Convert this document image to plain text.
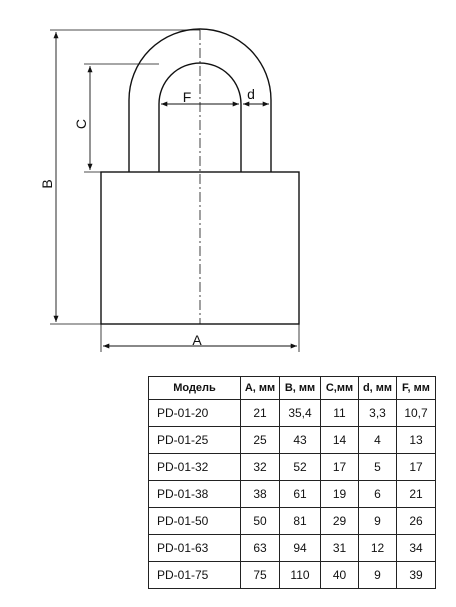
B
C
A
F	d
Модель	A, мм	B, мм	C,мм	d, мм	F, мм
PD-01-20	21	35,4	11	3,3	10,7
PD-01-25	25	43	14	4	13
PD-01-32	32	52	17	5	17
PD-01-38	38	61	19	6	21
PD-01-50	50	81	29	9	26
PD-01-63	63	94	31	12	34
PD-01-75	75	110	40	9	39
